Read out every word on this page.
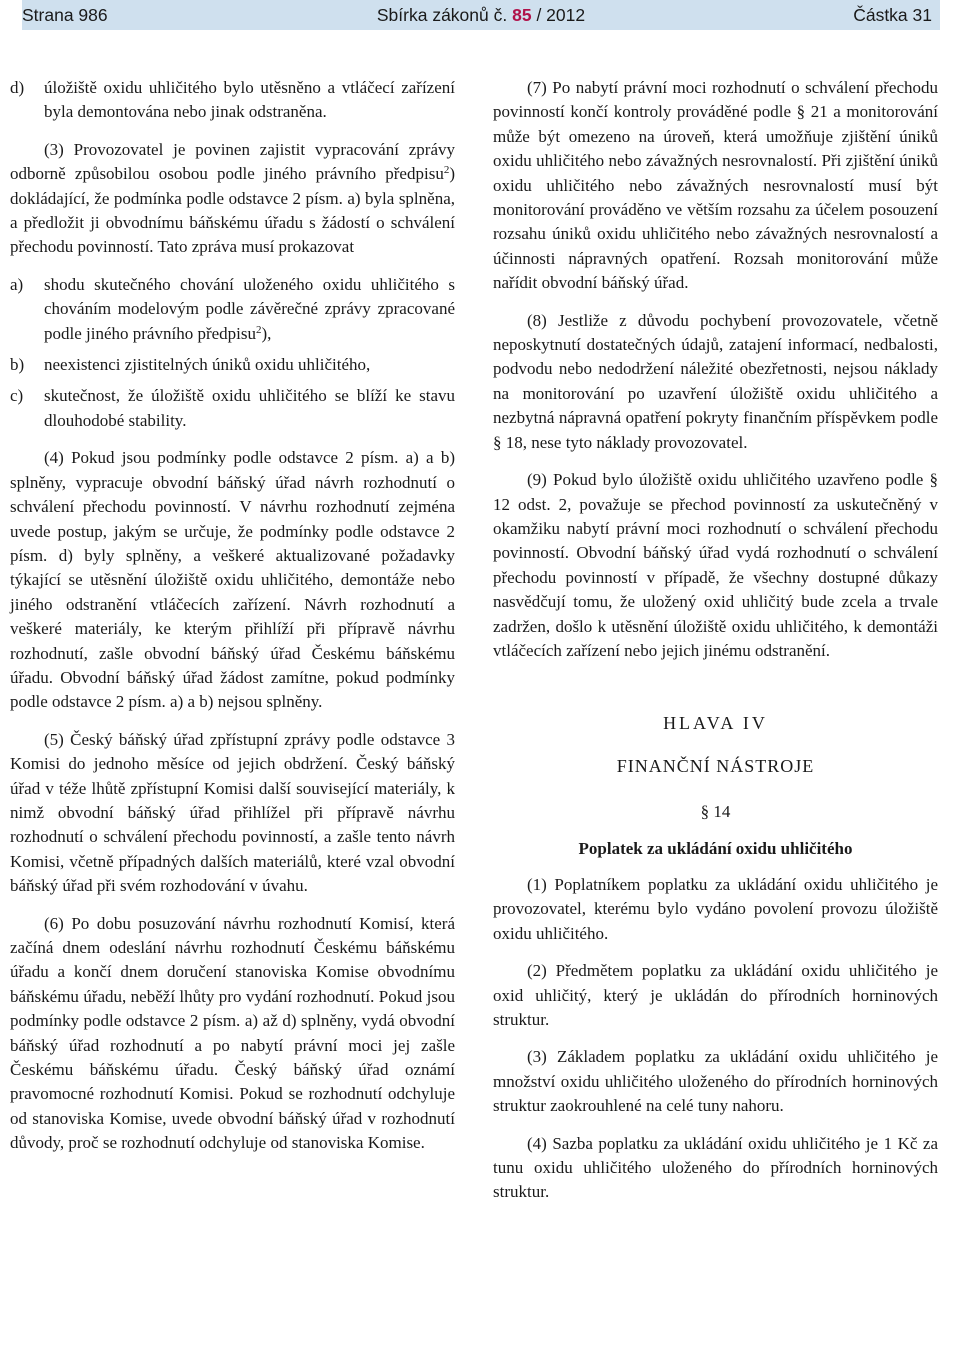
Strana 986	Sbírka zákonů č. 85 / 2012	Částka 31

d) úložiště oxidu uhličitého bylo utěsněno a vtláčecí zařízení byla demontována nebo jinak odstraněna.

(3) Provozovatel je povinen zajistit vypracování zprávy odborně způsobilou osobou podle jiného právního předpisu$^2$) dokládající, že podmínka podle odstavce 2 písm. a) byla splněna, a předložit ji obvodnímu báňskému úřadu s žádostí o schválení přechodu povinností. Tato zpráva musí prokazovat

a) shodu skutečného chování uloženého oxidu uhličitého s chováním modelovým podle závěrečné zprávy zpracované podle jiného právního předpisu$^2$),

b) neexistenci zjistitelných úniků oxidu uhličitého,

c) skutečnost, že úložiště oxidu uhličitého se blíží ke stavu dlouhodobé stability.

(4) Pokud jsou podmínky podle odstavce 2 písm. a) a b) splněny, vypracuje obvodní báňský úřad návrh rozhodnutí o schválení přechodu povinností. V návrhu rozhodnutí zejména uvede postup, jakým se určuje, že podmínky podle odstavce 2 písm. d) byly splněny, a veškeré aktualizované požadavky týkající se utěsnění úložiště oxidu uhličitého, demontáže nebo jiného odstranění vtláčecích zařízení. Návrh rozhodnutí a veškeré materiály, ke kterým přihlíží při přípravě návrhu rozhodnutí, zašle obvodní báňský úřad Českému báňskému úřadu. Obvodní báňský úřad žádost zamítne, pokud podmínky podle odstavce 2 písm. a) a b) nejsou splněny.

(5) Český báňský úřad zpřístupní zprávy podle odstavce 3 Komisi do jednoho měsíce od jejich obdržení. Český báňský úřad v téže lhůtě zpřístupní Komisi další související materiály, k nimž obvodní báňský úřad přihlížel při přípravě návrhu rozhodnutí o schválení přechodu povinností, a zašle tento návrh Komisi, včetně případných dalších materiálů, které vzal obvodní báňský úřad při svém rozhodování v úvahu.

(6) Po dobu posuzování návrhu rozhodnutí Komisí, která začíná dnem odeslání návrhu rozhodnutí Českému báňskému úřadu a končí dnem doručení stanoviska Komise obvodnímu báňskému úřadu, neběží lhůty pro vydání rozhodnutí. Pokud jsou podmínky podle odstavce 2 písm. a) až d) splněny, vydá obvodní báňský úřad rozhodnutí a po nabytí právní moci jej zašle Českému báňskému úřadu. Český báňský úřad oznámí pravomocné rozhodnutí Komisi. Pokud se rozhodnutí odchyluje od stanoviska Komise, uvede obvodní báňský úřad v rozhodnutí důvody, proč se rozhodnutí odchyluje od stanoviska Komise.

(7) Po nabytí právní moci rozhodnutí o schválení přechodu povinností končí kontroly prováděné podle § 21 a monitorování může být omezeno na úroveň, která umožňuje zjištění úniků oxidu uhličitého nebo závažných nesrovnalostí. Při zjištění úniků oxidu uhličitého nebo závažných nesrovnalostí musí být monitorování prováděno ve větším rozsahu za účelem posouzení rozsahu úniků oxidu uhličitého nebo závažných nesrovnalostí a účinnosti nápravných opatření. Rozsah monitorování může nařídit obvodní báňský úřad.

(8) Jestliže z důvodu pochybení provozovatele, včetně neposkytnutí dostatečných údajů, zatajení informací, nedbalosti, podvodu nebo nedodržení náležité obezřetnosti, nejsou náklady na monitorování po uzavření úložiště oxidu uhličitého a nezbytná nápravná opatření pokryty finančním příspěvkem podle § 18, nese tyto náklady provozovatel.

(9) Pokud bylo úložiště oxidu uhličitého uzavřeno podle § 12 odst. 2, považuje se přechod povinností za uskutečněný v okamžiku nabytí právní moci rozhodnutí o schválení přechodu povinností. Obvodní báňský úřad vydá rozhodnutí o schválení přechodu povinností v případě, že všechny dostupné důkazy nasvědčují tomu, že uložený oxid uhličitý bude zcela a trvale zadržen, došlo k utěsnění úložiště oxidu uhličitého, k demontáži vtláčecích zařízení nebo jejich jinému odstranění.

HLAVA IV

FINANČNÍ NÁSTROJE

§ 14

Poplatek za ukládání oxidu uhličitého

(1) Poplatníkem poplatku za ukládání oxidu uhličitého je provozovatel, kterému bylo vydáno povolení provozu úložiště oxidu uhličitého.

(2) Předmětem poplatku za ukládání oxidu uhličitého je oxid uhličitý, který je ukládán do přírodních horninových struktur.

(3) Základem poplatku za ukládání oxidu uhličitého je množství oxidu uhličitého uloženého do přírodních horninových struktur zaokrouhlené na celé tuny nahoru.

(4) Sazba poplatku za ukládání oxidu uhličitého je 1 Kč za tunu oxidu uhličitého uloženého do přírodních horninových struktur.
